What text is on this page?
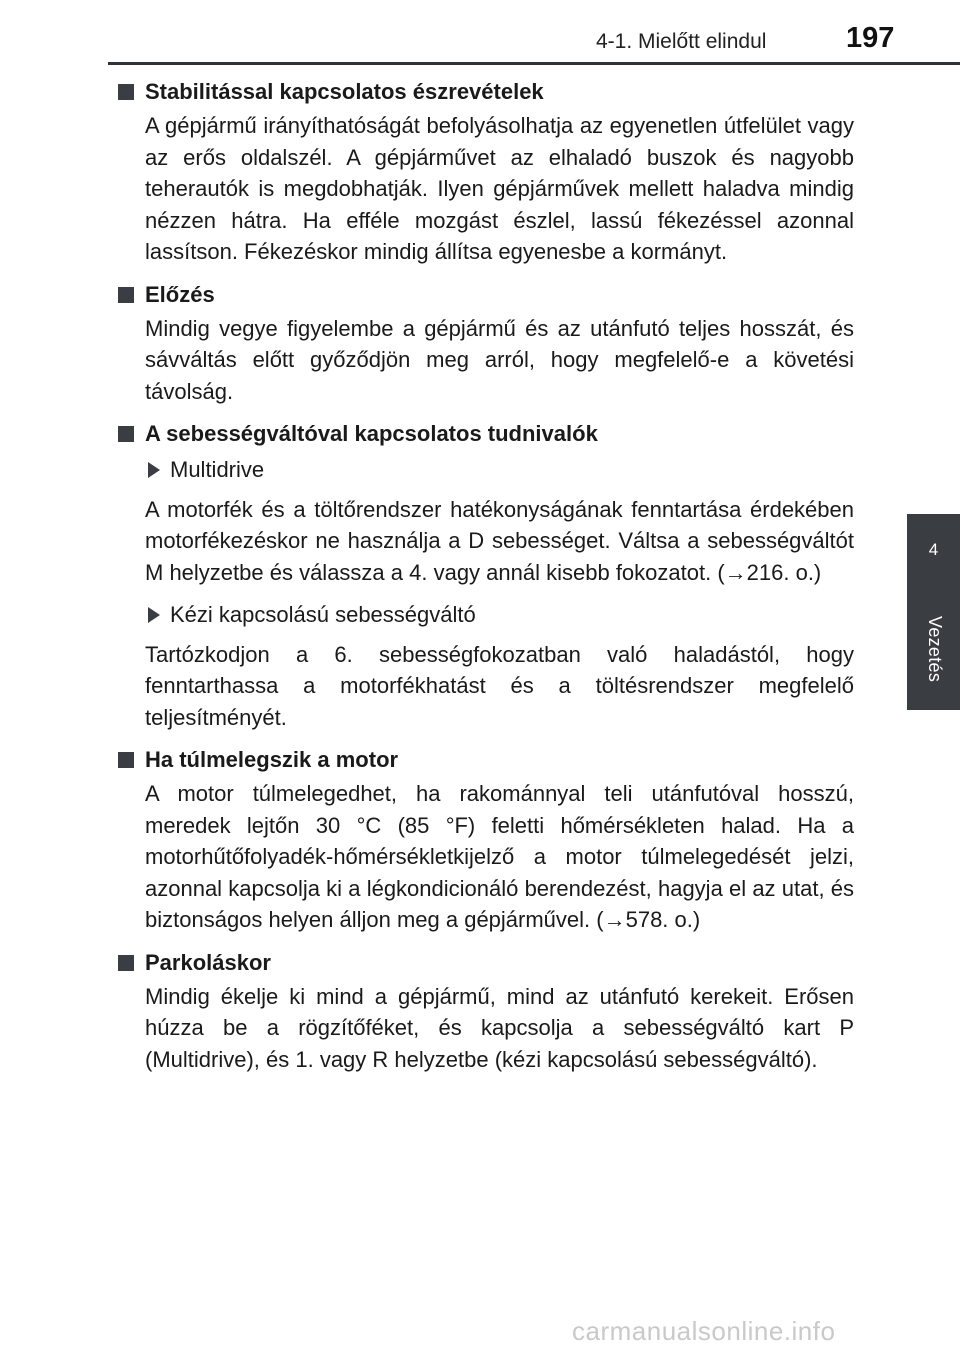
4-1. Mielőtt elindul	197
4
Vezetés
Stabilitással kapcsolatos észrevételek

A gépjármű irányíthatóságát befolyásolhatja az egyenetlen útfelület vagy az erős oldalszél. A gépjárművet az elhaladó buszok és nagyobb teherautók is megdobhatják. Ilyen gépjárművek mellett haladva mindig nézzen hátra. Ha efféle mozgást észlel, lassú fékezéssel azonnal lassítson. Fékezéskor mindig állítsa egyenesbe a kormányt.

Előzés

Mindig vegye figyelembe a gépjármű és az utánfutó teljes hosszát, és sávváltás előtt győződjön meg arról, hogy megfelelő-e a követési távolság.

A sebességváltóval kapcsolatos tudnivalók
Multidrive

A motorfék és a töltőrendszer hatékonyságának fenntartása érdekében motorfékezéskor ne használja a D sebességet. Váltsa a sebességváltót M helyzetbe és válassza a 4. vagy annál kisebb fokozatot. (→216. o.)

Kézi kapcsolású sebességváltó

Tartózkodjon a 6. sebességfokozatban való haladástól, hogy fenntarthassa a motorfékhatást és a töltésrendszer megfelelő teljesítményét.

Ha túlmelegszik a motor

A motor túlmelegedhet, ha rakománnyal teli utánfutóval hosszú, meredek lejtőn 30 °C (85 °F) feletti hőmérsékleten halad. Ha a motorhűtőfolyadék-hőmérsékletkijelző a motor túlmelegedését jelzi, azonnal kapcsolja ki a légkondicionáló berendezést, hagyja el az utat, és biztonságos helyen álljon meg a gépjárművel. (→578. o.)

Parkoláskor

Mindig ékelje ki mind a gépjármű, mind az utánfutó kerekeit. Erősen húzza be a rögzítőféket, és kapcsolja a sebességváltó kart P (Multidrive), és 1. vagy R helyzetbe (kézi kapcsolású sebességváltó).

carmanualsonline.info
